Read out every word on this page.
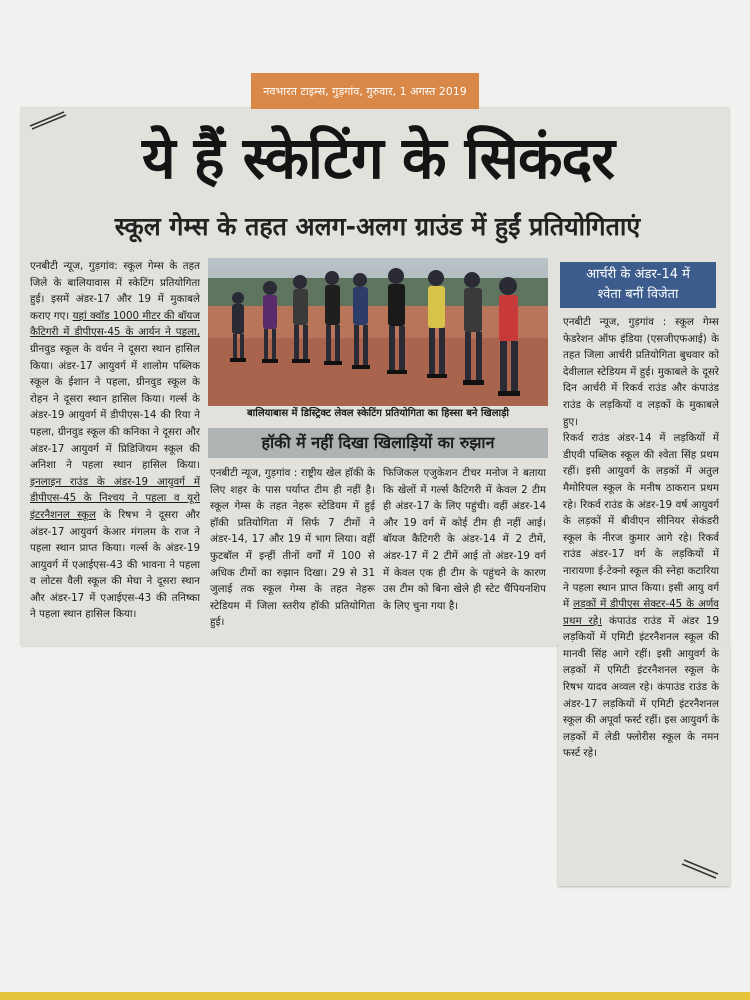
नवभारत टाइम्स, गुड़गांव, गुरुवार, 1 अगस्त 2019
ये हैं स्केटिंग के सिकंदर
स्कूल गेम्स के तहत अलग-अलग ग्राउंड में हुईं प्रतियोगिताएं

एनबीटी न्यूज, गुड़गांव: स्कूल गेम्स के तहत जिले के बालियावास में स्केटिंग प्रतियोगिता हुई। इसमें अंडर-17 और 19 में मुकाबले कराए गए। यहां क्वॉड 1000 मीटर की बॉयज कैटिगरी में डीपीएस-45 के आर्यन ने पहला, ग्रीनवुड स्कूल के वर्धन ने दूसरा स्थान हासिल किया। अंडर-17 आयुवर्ग में शालोम पब्लिक स्कूल के ईशान ने पहला, ग्रीनवुड स्कूल के रोहन ने दूसरा स्थान हासिल किया। गर्ल्स के अंडर-19 आयुवर्ग में डीपीएस-14 की रिया ने पहला, ग्रीनवुड स्कूल की कनिका ने दूसरा और अंडर-17 आयुवर्ग में प्रिडिजियम स्कूल की अनिशा ने पहला स्थान हासिल किया। इनलाइन राउंड के अंडर-19 आयुवर्ग में डीपीएस-45 के निश्चय ने पहला व यूरो इंटरनैशनल स्कूल के रिषभ ने दूसरा और अंडर-17 आयुवर्ग केआर मंगलम के राज ने पहला स्थान प्राप्त किया। गर्ल्स के अंडर-19 आयुवर्ग में एआईएस-43 की भावना ने पहला व लोटस वैली स्कूल की मेघा ने दूसरा स्थान और अंडर-17 में एआईएस-43 की तनिष्का ने पहला स्थान हासिल किया।

बालियाबास में डिस्ट्रिक्ट लेवल स्केटिंग प्रतियोगिता का हिस्सा बने खिलाड़ी
हॉकी में नहीं दिखा खिलाड़ियों का रुझान

एनबीटी न्यूज, गुड़गांव : राष्ट्रीय खेल हॉकी के लिए शहर के पास पर्याप्त टीम ही नहीं है। स्कूल गेम्स के तहत नेहरू स्टेडियम में हुई हॉकी प्रतियोगिता में सिर्फ 7 टीमों ने अंडर-14, 17 और 19 में भाग लिया। वहीं फुटबॉल में इन्हीं तीनों वर्गों में 100 से अधिक टीमों का रुझान दिखा। 29 से 31 जुलाई तक स्कूल गेम्स के तहत नेहरू स्टेडियम में जिला स्तरीय हॉकी प्रतियोगिता हुई।

फिजिकल एजुकेशन टीचर मनोज ने बताया कि खेलों में गर्ल्स कैटिगरी में केवल 2 टीम ही अंडर-17 के लिए पहुंची। वहीं अंडर-14 और 19 वर्ग में कोई टीम ही नहीं आई। बॉयज कैटिगरी के अंडर-14 में 2 टीमें, अंडर-17 में 2 टीमें आई तो अंडर-19 वर्ग में केवल एक ही टीम के पहुंचने के कारण उस टीम को बिना खेले ही स्टेट चैंपियनशिप के लिए चुना गया है।

आर्चरी के अंडर-14 में
श्वेता बनीं विजेता

एनबीटी न्यूज, गुड़गांव : स्कूल गेम्स फेडरेशन ऑफ इंडिया (एसजीएफआई) के तहत जिला आर्चरी प्रतियोगिता बुधवार को देवीलाल स्टेडियम में हुई। मुकाबले के दूसरे दिन आर्चरी में रिकर्व राउंड और कंपाउंड राउंड के लड़कियों व लड़कों के मुकाबले हुए।

रिकर्व राउंड अंडर-14 में लड़कियों में डीएवी पब्लिक स्कूल की श्वेता सिंह प्रथम रहीं। इसी आयुवर्ग के लड़कों में अतुल मैमोरियल स्कूल के मनीष ठाकरान प्रथम रहे। रिकर्व राउंड के अंडर-19 वर्ष आयुवर्ग के लड़कों में बीवीएन सीनियर सेकंडरी स्कूल के नीरज कुमार आगे रहे। रिकर्व राउंड अंडर-17 वर्ग के लड़कियों में नारायणा ई-टेक्नो स्कूल की स्नेहा कटारिया ने पहला स्थान प्राप्त किया। इसी आयु वर्ग में लड़कों में डीपीएस सेक्टर-45 के अर्णव प्रथम रहे। कंपाउंड राउंड में अंडर 19 लड़कियों में एमिटी इंटरनैशनल स्कूल की मानवी सिंह आगे रहीं। इसी आयुवर्ग के लड़कों में एमिटी इंटरनैशनल स्कूल के रिषभ यादव अव्वल रहे। कंपाउंड राउंड के अंडर-17 लड़कियों में एमिटी इंटरनैशनल स्कूल की अपूर्वा फर्स्ट रहीं। इस आयुवर्ग के लड़कों में लेडी फ्लोरीस स्कूल के नमन फर्स्ट रहे।
